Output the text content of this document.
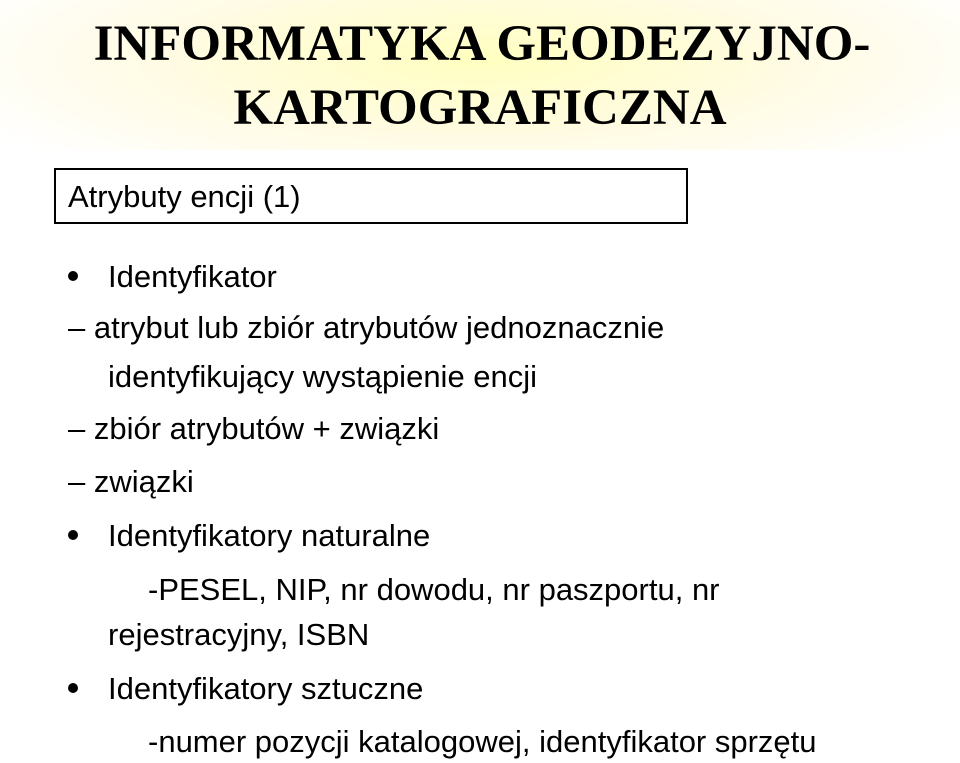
INFORMATYKA GEODEZYJNO-
KARTOGRAFICZNA
Atrybuty encji (1)
Identyfikator
– atrybut lub zbiór atrybutów jednoznacznie
identyfikujący wystąpienie encji
– zbiór atrybutów + związki
– związki
Identyfikatory naturalne
-PESEL, NIP, nr dowodu, nr paszportu, nr
rejestracyjny, ISBN
Identyfikatory sztuczne
-numer pozycji katalogowej, identyfikator sprzętu
